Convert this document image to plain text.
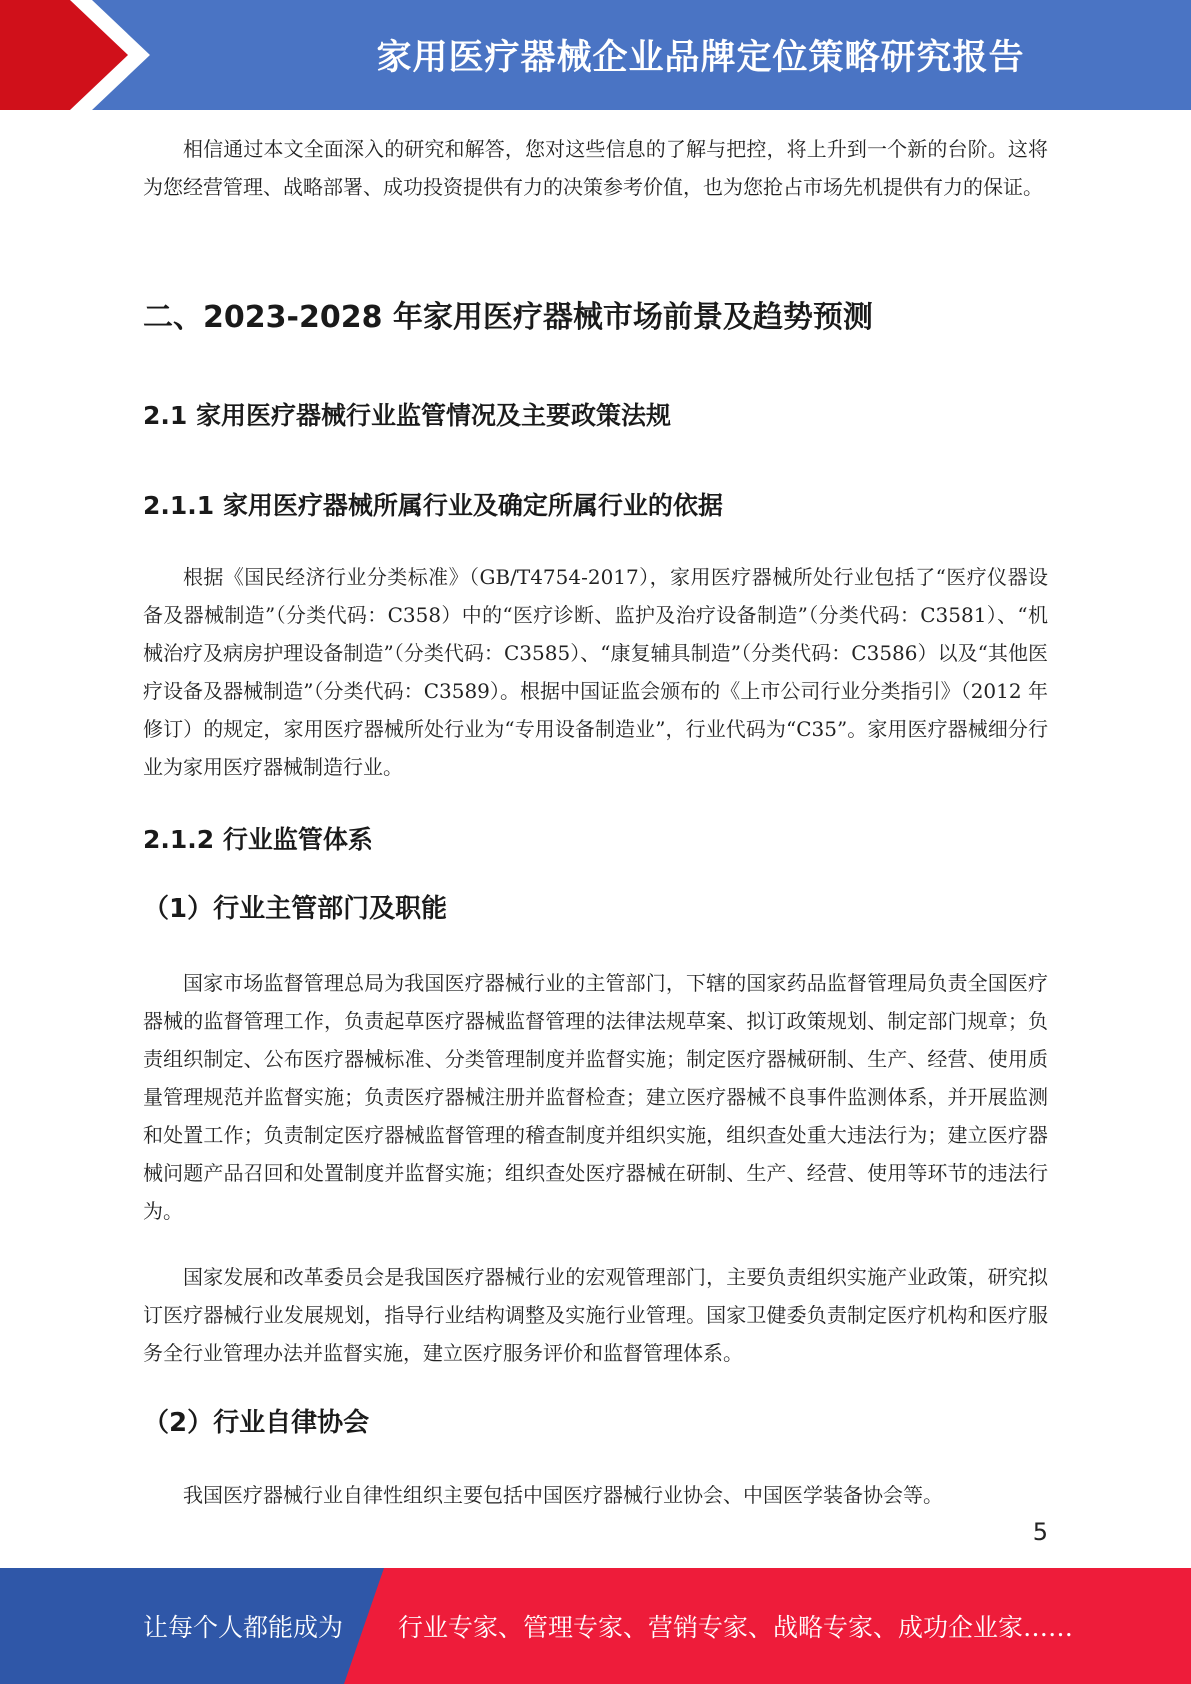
家用医疗器械企业品牌定位策略研究报告

相信通过本文全面深入的研究和解答，您对这些信息的了解与把控，将上升到一个新的台阶。这将为您经营管理、战略部署、成功投资提供有力的决策参考价值，也为您抢占市场先机提供有力的保证。

二、2023-2028 年家用医疗器械市场前景及趋势预测
2.1 家用医疗器械行业监管情况及主要政策法规
2.1.1 家用医疗器械所属行业及确定所属行业的依据

根据《国民经济行业分类标准》（GB/T4754-2017），家用医疗器械所处行业包括了“医疗仪器设备及器械制造”（分类代码：C358）中的“医疗诊断、监护及治疗设备制造”（分类代码：C3581）、“机械治疗及病房护理设备制造”（分类代码：C3585）、“康复辅具制造”（分类代码：C3586）以及“其他医疗设备及器械制造”（分类代码：C3589）。根据中国证监会颁布的《上市公司行业分类指引》（2012 年修订）的规定，家用医疗器械所处行业为“专用设备制造业”，行业代码为“C35”。家用医疗器械细分行业为家用医疗器械制造行业。

2.1.2 行业监管体系
（1）行业主管部门及职能

国家市场监督管理总局为我国医疗器械行业的主管部门，下辖的国家药品监督管理局负责全国医疗器械的监督管理工作，负责起草医疗器械监督管理的法律法规草案、拟订政策规划、制定部门规章；负责组织制定、公布医疗器械标准、分类管理制度并监督实施；制定医疗器械研制、生产、经营、使用质量管理规范并监督实施；负责医疗器械注册并监督检查；建立医疗器械不良事件监测体系，并开展监测和处置工作；负责制定医疗器械监督管理的稽查制度并组织实施，组织查处重大违法行为；建立医疗器械问题产品召回和处置制度并监督实施；组织查处医疗器械在研制、生产、经营、使用等环节的违法行为。

国家发展和改革委员会是我国医疗器械行业的宏观管理部门，主要负责组织实施产业政策，研究拟订医疗器械行业发展规划，指导行业结构调整及实施行业管理。国家卫健委负责制定医疗机构和医疗服务全行业管理办法并监督实施，建立医疗服务评价和监督管理体系。

（2）行业自律协会

我国医疗器械行业自律性组织主要包括中国医疗器械行业协会、中国医学装备协会等。

5
让每个人都能成为 行业专家、管理专家、营销专家、战略专家、成功企业家……
